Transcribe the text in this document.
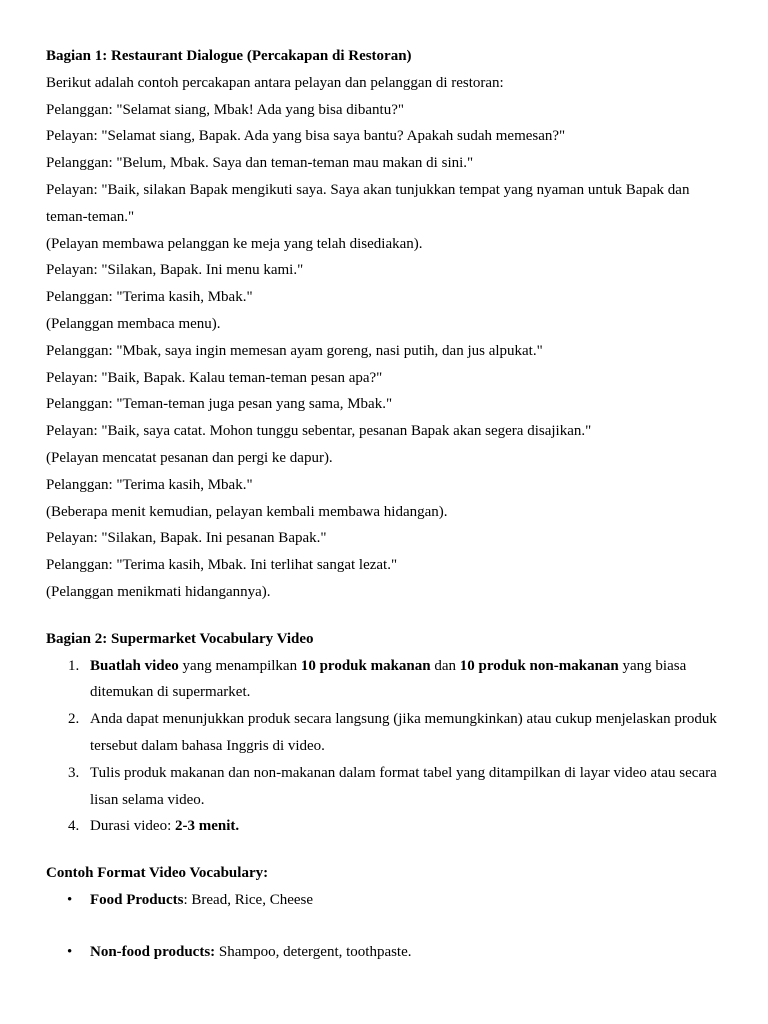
Bagian 1: Restaurant Dialogue (Percakapan di Restoran)

Berikut adalah contoh percakapan antara pelayan dan pelanggan di restoran:

Pelanggan: "Selamat siang, Mbak! Ada yang bisa dibantu?"

Pelayan: "Selamat siang, Bapak. Ada yang bisa saya bantu? Apakah sudah memesan?"

Pelanggan: "Belum, Mbak. Saya dan teman-teman mau makan di sini."

Pelayan: "Baik, silakan Bapak mengikuti saya. Saya akan tunjukkan tempat yang nyaman untuk Bapak dan teman-teman."

(Pelayan membawa pelanggan ke meja yang telah disediakan).

Pelayan: "Silakan, Bapak. Ini menu kami."

Pelanggan: "Terima kasih, Mbak."

(Pelanggan membaca menu).

Pelanggan: "Mbak, saya ingin memesan ayam goreng, nasi putih, dan jus alpukat."

Pelayan: "Baik, Bapak. Kalau teman-teman pesan apa?"

Pelanggan: "Teman-teman juga pesan yang sama, Mbak."

Pelayan: "Baik, saya catat. Mohon tunggu sebentar, pesanan Bapak akan segera disajikan."

(Pelayan mencatat pesanan dan pergi ke dapur).

Pelanggan: "Terima kasih, Mbak."

(Beberapa menit kemudian, pelayan kembali membawa hidangan).

Pelayan: "Silakan, Bapak. Ini pesanan Bapak."

Pelanggan: "Terima kasih, Mbak. Ini terlihat sangat lezat."

(Pelanggan menikmati hidangannya).

Bagian 2: Supermarket Vocabulary Video

Buatlah video yang menampilkan 10 produk makanan dan 10 produk non-makanan yang biasa ditemukan di supermarket.
Anda dapat menunjukkan produk secara langsung (jika memungkinkan) atau cukup menjelaskan produk tersebut dalam bahasa Inggris di video.
Tulis produk makanan dan non-makanan dalam format tabel yang ditampilkan di layar video atau secara lisan selama video.
Durasi video: 2-3 menit.

Contoh Format Video Vocabulary:

• Food Products: Bread, Rice, Cheese
• Non-food products: Shampoo, detergent, toothpaste.
